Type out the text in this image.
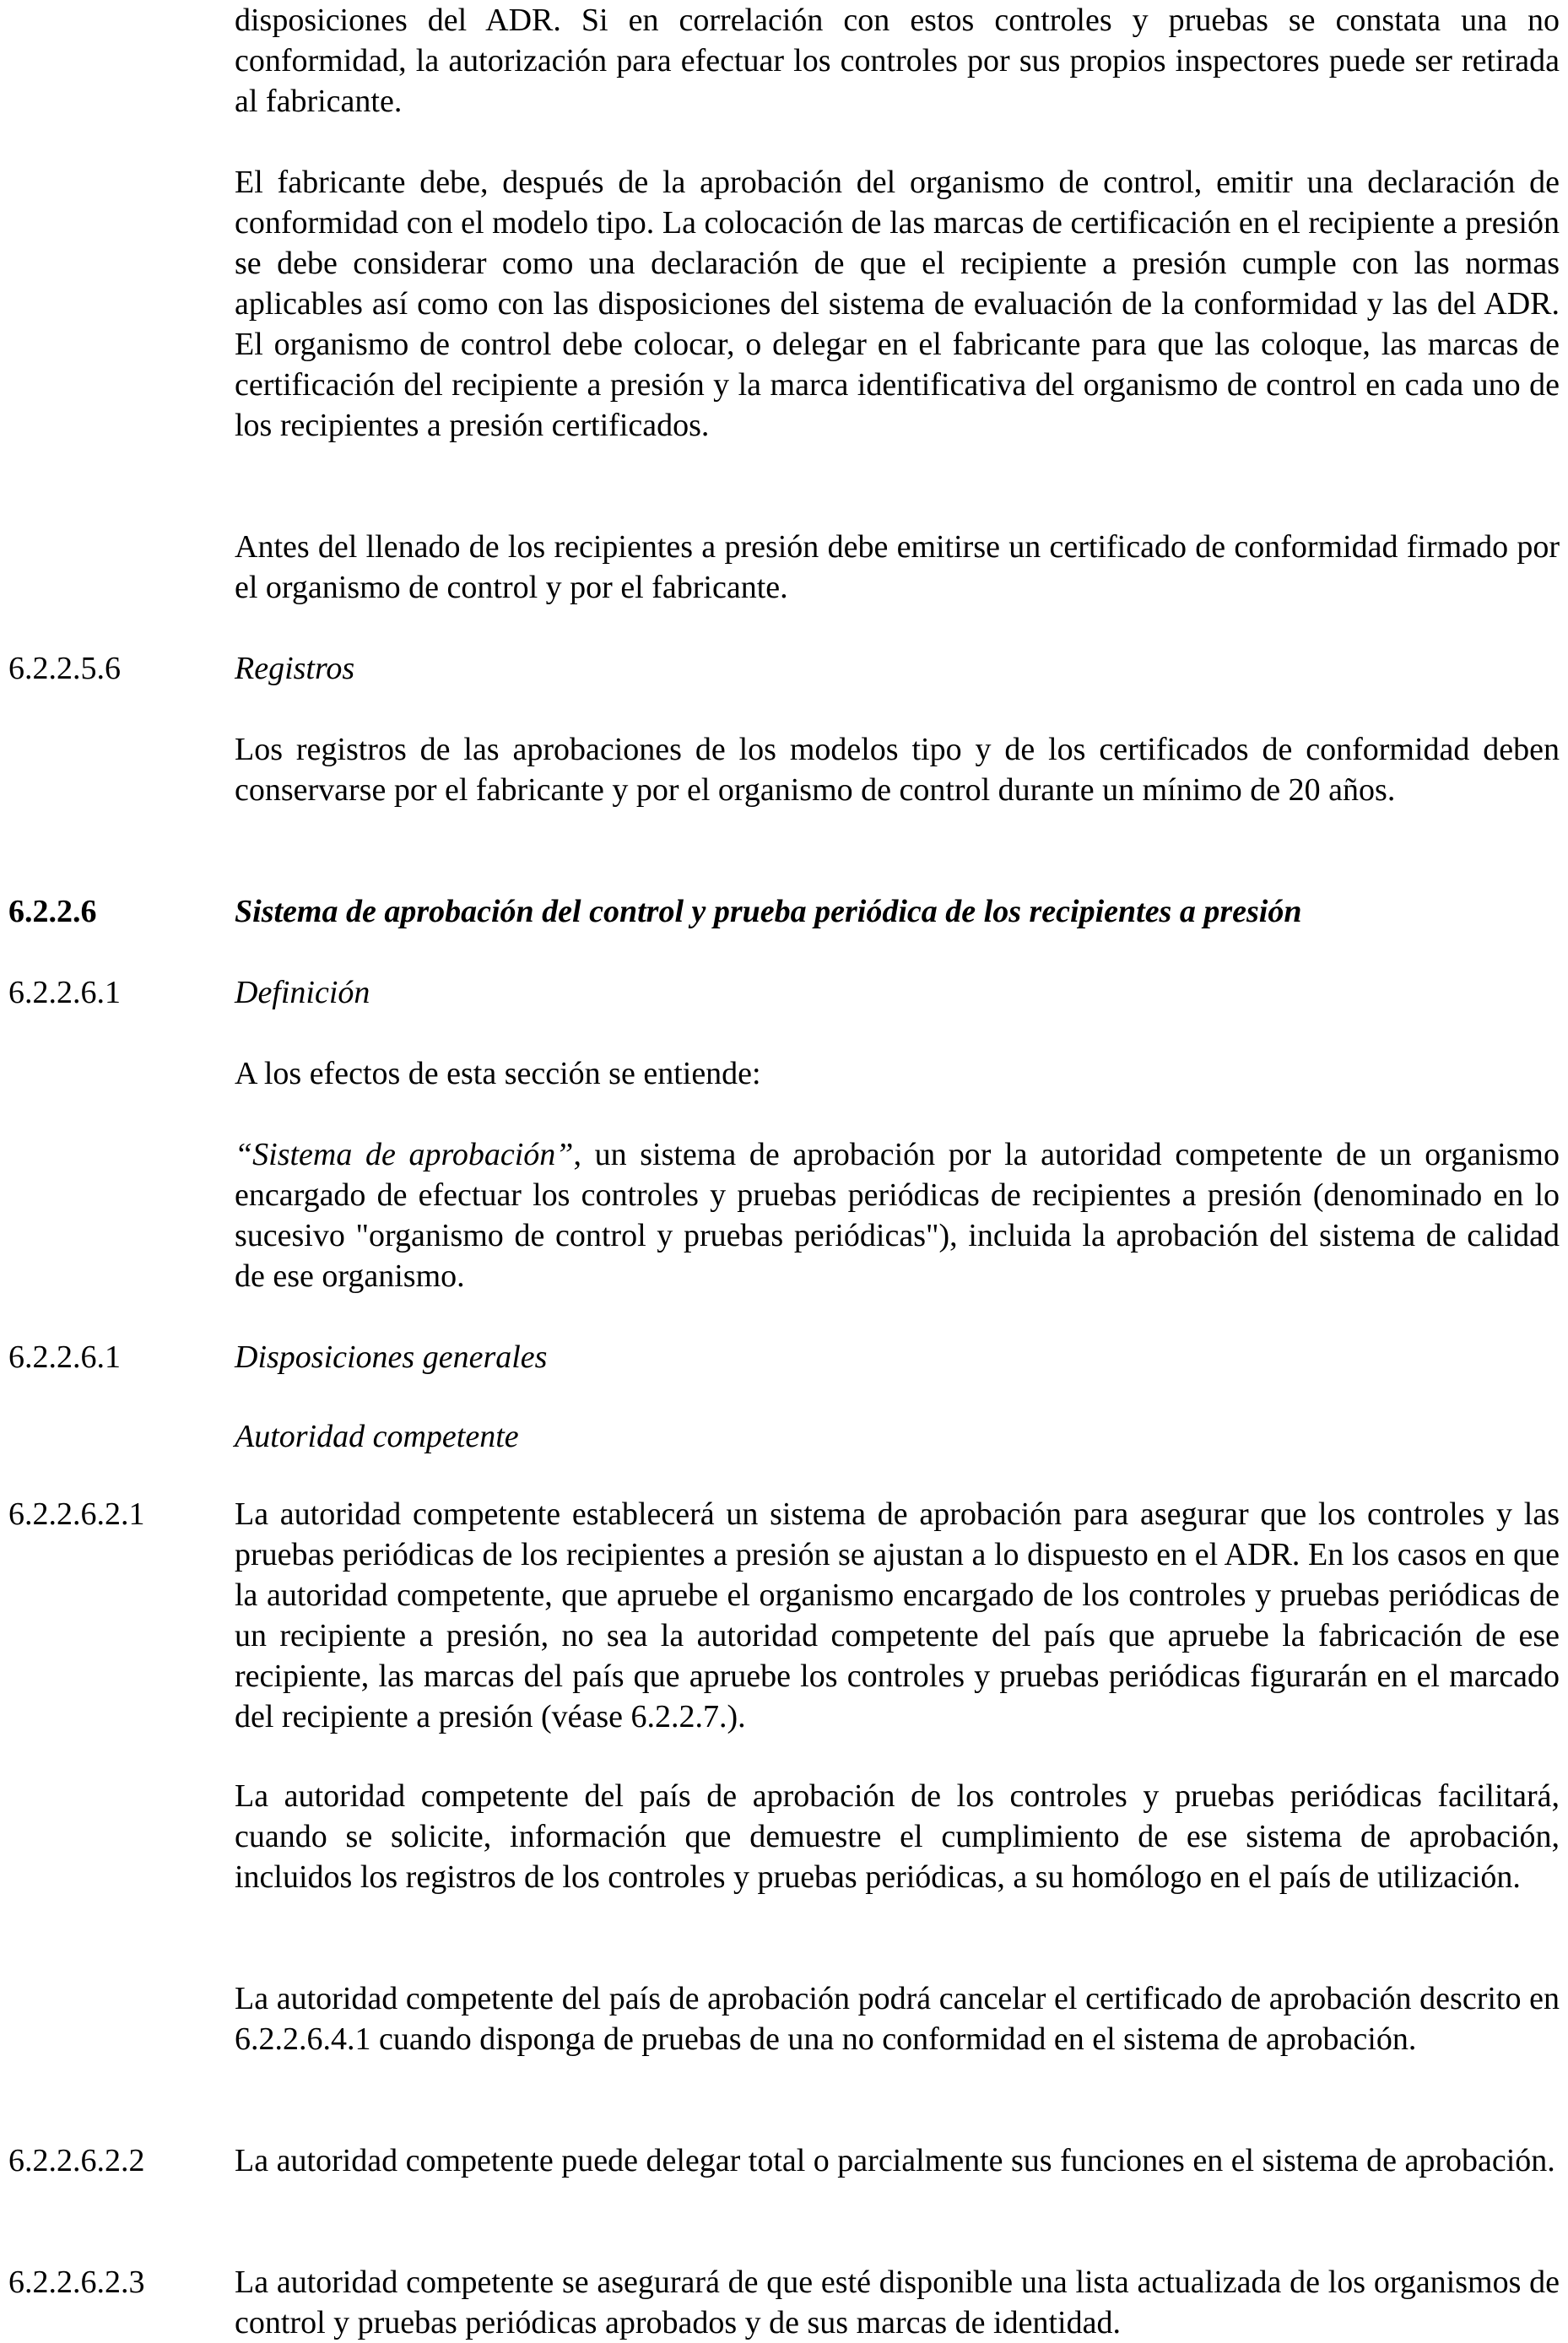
disposiciones del ADR. Si en correlación con estos controles y pruebas se constata una no conformidad, la autorización para efectuar los controles por sus propios inspectores puede ser retirada al fabricante.
El fabricante debe, después de la aprobación del organismo de control, emitir una declaración de conformidad con el modelo tipo. La colocación de las marcas de certificación en el recipiente a presión se debe considerar como una declaración de que el recipiente a presión cumple con las normas aplicables así como con las disposiciones del sistema de evaluación de la conformidad y las del ADR. El organismo de control debe colocar, o delegar en el fabricante para que las coloque, las marcas de certificación del recipiente a presión y la marca identificativa del organismo de control en cada uno de los recipientes a presión certificados.
Antes del llenado de los recipientes a presión debe emitirse un certificado de conformidad firmado por el organismo de control y por el fabricante.
6.2.2.5.6	Registros
Los registros de las aprobaciones de los modelos tipo y de los certificados de conformidad deben conservarse por el fabricante y por el organismo de control durante un mínimo de 20 años.
6.2.2.6	Sistema de aprobación del control y prueba periódica de los recipientes a presión
6.2.2.6.1	Definición
A los efectos de esta sección se entiende:
“Sistema de aprobación”, un sistema de aprobación por la autoridad competente de un organismo encargado de efectuar los controles y pruebas periódicas de recipientes a presión (denominado en lo sucesivo "organismo de control y pruebas periódicas"), incluida la aprobación del sistema de calidad de ese organismo.
6.2.2.6.1	Disposiciones generales
Autoridad competente
6.2.2.6.2.1	La autoridad competente establecerá un sistema de aprobación para asegurar que los controles y las pruebas periódicas de los recipientes a presión se ajustan a lo dispuesto en el ADR. En los casos en que la autoridad competente, que apruebe el organismo encargado de los controles y pruebas periódicas de un recipiente a presión, no sea la autoridad competente del país que apruebe la fabricación de ese recipiente, las marcas del país que apruebe los controles y pruebas periódicas figurarán en el marcado del recipiente a presión (véase 6.2.2.7.).
La autoridad competente del país de aprobación de los controles y pruebas periódicas facilitará, cuando se solicite, información que demuestre el cumplimiento de ese sistema de aprobación, incluidos los registros de los controles y pruebas periódicas, a su homólogo en el país de utilización.
La autoridad competente del país de aprobación podrá cancelar el certificado de aprobación descrito en 6.2.2.6.4.1 cuando disponga de pruebas de una no conformidad en el sistema de aprobación.
6.2.2.6.2.2	La autoridad competente puede delegar total o parcialmente sus funciones en el sistema de aprobación.
6.2.2.6.2.3	La autoridad competente se asegurará de que esté disponible una lista actualizada de los organismos de control y pruebas periódicas aprobados y de sus marcas de identidad.
